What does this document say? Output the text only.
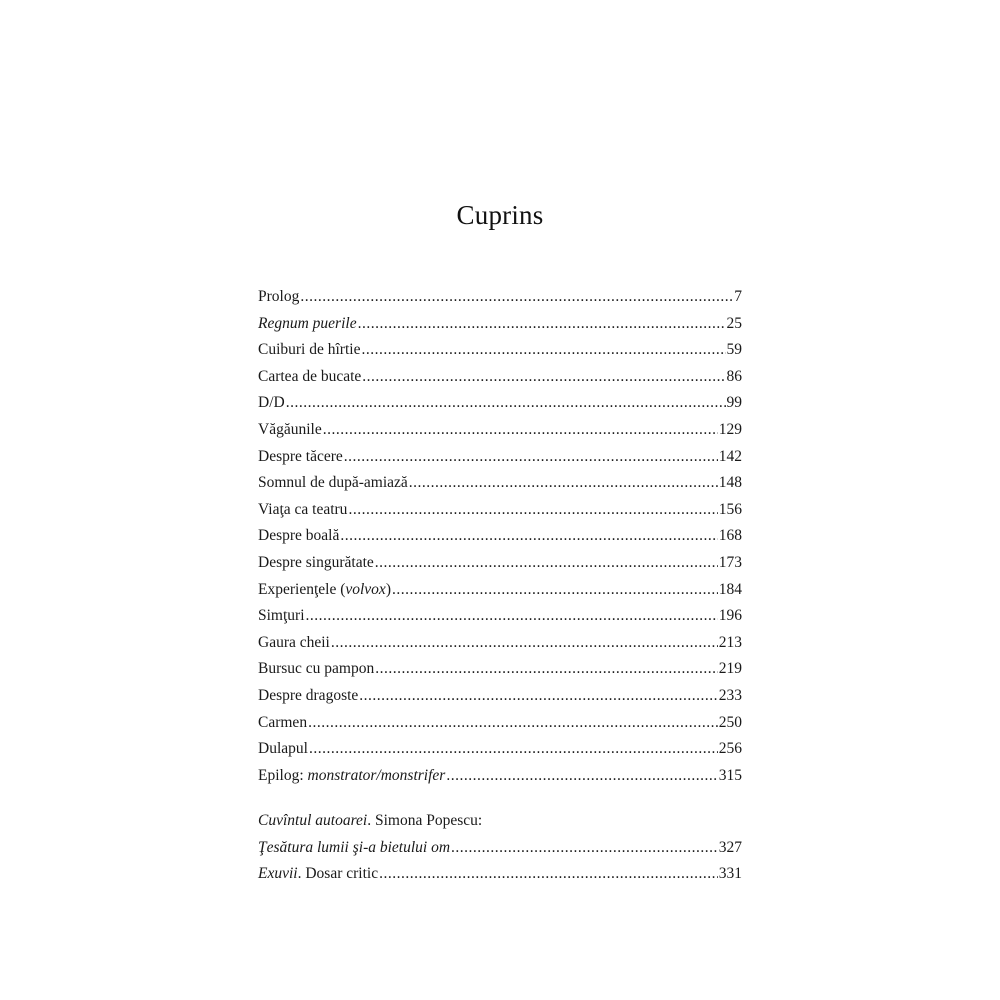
Cuprins
Prolog .....	7
Regnum puerile .....	25
Cuiburi de hîrtie .....	59
Cartea de bucate .....	86
D/D .....	99
Văgăunile .....	129
Despre tăcere .....	142
Somnul de după-amiază .....	148
Viaţa ca teatru .....	156
Despre boală .....	168
Despre singurătate .....	173
Experienţele (volvox) .....	184
Simţuri .....	196
Gaura cheii .....	213
Bursuc cu pampon .....	219
Despre dragoste .....	233
Carmen .....	250
Dulapul .....	256
Epilog: monstrator/monstrifer .....	315
Cuvîntul autoarei. Simona Popescu:
Ţesătura lumii şi-a bietului om .....	327
Exuvii. Dosar critic .....	331
